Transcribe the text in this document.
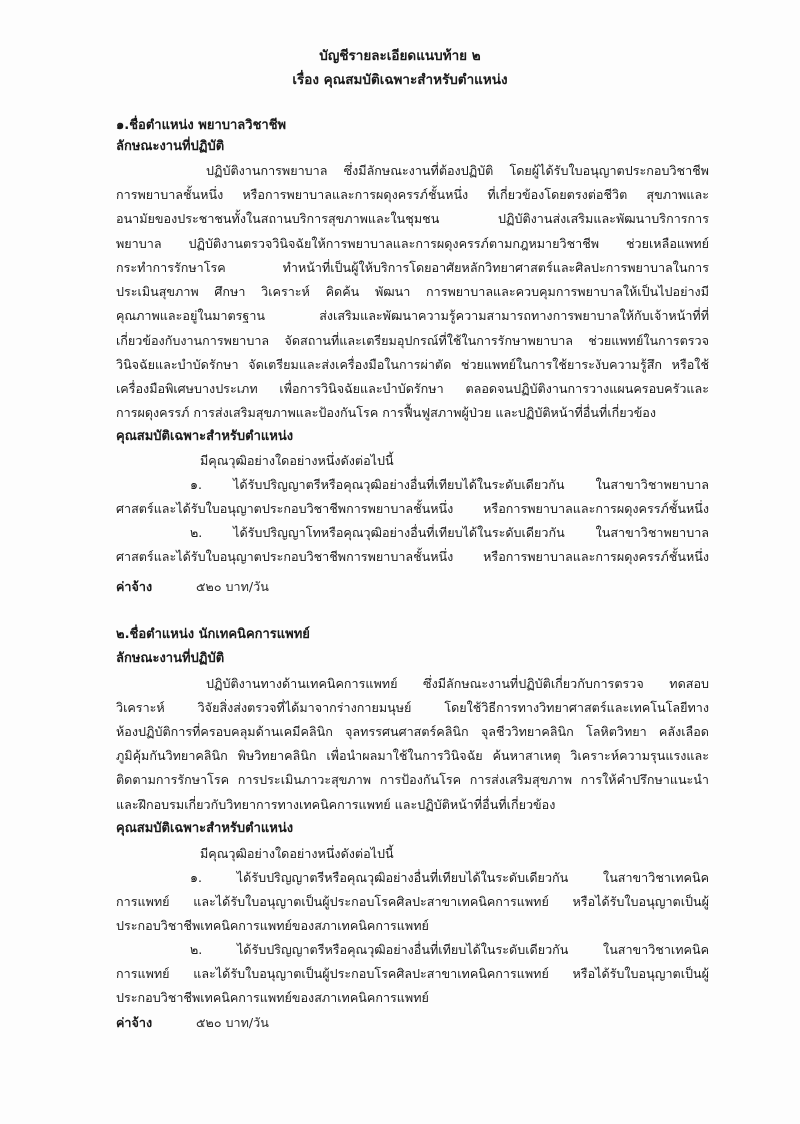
บัญชีรายละเอียดแนบท้าย ๒
เรื่อง คุณสมบัติเฉพาะสำหรับตำแหน่ง
๑.ชื่อตำแหน่ง พยาบาลวิชาชีพ
ลักษณะงานที่ปฏิบัติ
ปฏิบัติงานการพยาบาล ซึ่งมีลักษณะงานที่ต้องปฏิบัติ โดยผู้ได้รับใบอนุญาตประกอบวิชาชีพ
การพยาบาลชั้นหนึ่ง หรือการพยาบาลและการผดุงครรภ์ชั้นหนึ่ง ที่เกี่ยวข้องโดยตรงต่อชีวิต สุขภาพและ
อนามัยของประชาชนทั้งในสถานบริการสุขภาพและในชุมชน ปฏิบัติงานส่งเสริมและพัฒนาบริการการ
พยาบาล ปฏิบัติงานตรวจวินิจฉัยให้การพยาบาลและการผดุงครรภ์ตามกฎหมายวิชาชีพ ช่วยเหลือแพทย์
กระทำการรักษาโรค ทำหน้าที่เป็นผู้ให้บริการโดยอาศัยหลักวิทยาศาสตร์และศิลปะการพยาบาลในการ
ประเมินสุขภาพ ศึกษา วิเคราะห์ คิดค้น พัฒนา การพยาบาลและควบคุมการพยาบาลให้เป็นไปอย่างมี
คุณภาพและอยู่ในมาตรฐาน ส่งเสริมและพัฒนาความรู้ความสามารถทางการพยาบาลให้กับเจ้าหน้าที่ที่
เกี่ยวข้องกับงานการพยาบาล จัดสถานที่และเตรียมอุปกรณ์ที่ใช้ในการรักษาพยาบาล ช่วยแพทย์ในการตรวจ
วินิจฉัยและบำบัดรักษา จัดเตรียมและส่งเครื่องมือในการผ่าตัด ช่วยแพทย์ในการใช้ยาระงับความรู้สึก หรือใช้
เครื่องมือพิเศษบางประเภท เพื่อการวินิจฉัยและบำบัดรักษา ตลอดจนปฏิบัติงานการวางแผนครอบครัวและ
การผดุงครรภ์ การส่งเสริมสุขภาพและป้องกันโรค การฟื้นฟูสภาพผู้ป่วย และปฏิบัติหน้าที่อื่นที่เกี่ยวข้อง
คุณสมบัติเฉพาะสำหรับตำแหน่ง
มีคุณวุฒิอย่างใดอย่างหนึ่งดังต่อไปนี้
๑. ได้รับปริญญาตรีหรือคุณวุฒิอย่างอื่นที่เทียบได้ในระดับเดียวกัน ในสาขาวิชาพยาบาล
ศาสตร์และได้รับใบอนุญาตประกอบวิชาชีพการพยาบาลชั้นหนึ่ง หรือการพยาบาลและการผดุงครรภ์ชั้นหนึ่ง
๒. ได้รับปริญญาโทหรือคุณวุฒิอย่างอื่นที่เทียบได้ในระดับเดียวกัน ในสาขาวิชาพยาบาล
ศาสตร์และได้รับใบอนุญาตประกอบวิชาชีพการพยาบาลชั้นหนึ่ง หรือการพยาบาลและการผดุงครรภ์ชั้นหนึ่ง
ค่าจ้าง	๕๒๐ บาท/วัน
๒.ชื่อตำแหน่ง นักเทคนิคการแพทย์
ลักษณะงานที่ปฏิบัติ
ปฏิบัติงานทางด้านเทคนิคการแพทย์ ซึ่งมีลักษณะงานที่ปฏิบัติเกี่ยวกับการตรวจ ทดสอบ
วิเคราะห์ วิจัยสิ่งส่งตรวจที่ได้มาจากร่างกายมนุษย์ โดยใช้วิธีการทางวิทยาศาสตร์และเทคโนโลยีทาง
ห้องปฏิบัติการที่ครอบคลุมด้านเคมีคลินิก จุลทรรศนศาสตร์คลินิก จุลชีววิทยาคลินิก โลหิตวิทยา คลังเลือด
ภูมิคุ้มกันวิทยาคลินิก พิษวิทยาคลินิก เพื่อนำผลมาใช้ในการวินิจฉัย ค้นหาสาเหตุ วิเคราะห์ความรุนแรงและ
ติดตามการรักษาโรค การประเมินภาวะสุขภาพ การป้องกันโรค การส่งเสริมสุขภาพ การให้คำปรึกษาแนะนำ
และฝึกอบรมเกี่ยวกับวิทยาการทางเทคนิคการแพทย์ และปฏิบัติหน้าที่อื่นที่เกี่ยวข้อง
คุณสมบัติเฉพาะสำหรับตำแหน่ง
มีคุณวุฒิอย่างใดอย่างหนึ่งดังต่อไปนี้
๑. ได้รับปริญญาตรีหรือคุณวุฒิอย่างอื่นที่เทียบได้ในระดับเดียวกัน ในสาขาวิชาเทคนิค
การแพทย์ และได้รับใบอนุญาตเป็นผู้ประกอบโรคศิลปะสาขาเทคนิคการแพทย์ หรือได้รับใบอนุญาตเป็นผู้
ประกอบวิชาชีพเทคนิคการแพทย์ของสภาเทคนิคการแพทย์
๒. ได้รับปริญญาตรีหรือคุณวุฒิอย่างอื่นที่เทียบได้ในระดับเดียวกัน ในสาขาวิชาเทคนิค
การแพทย์ และได้รับใบอนุญาตเป็นผู้ประกอบโรคศิลปะสาขาเทคนิคการแพทย์ หรือได้รับใบอนุญาตเป็นผู้
ประกอบวิชาชีพเทคนิคการแพทย์ของสภาเทคนิคการแพทย์
ค่าจ้าง	๕๒๐ บาท/วัน
